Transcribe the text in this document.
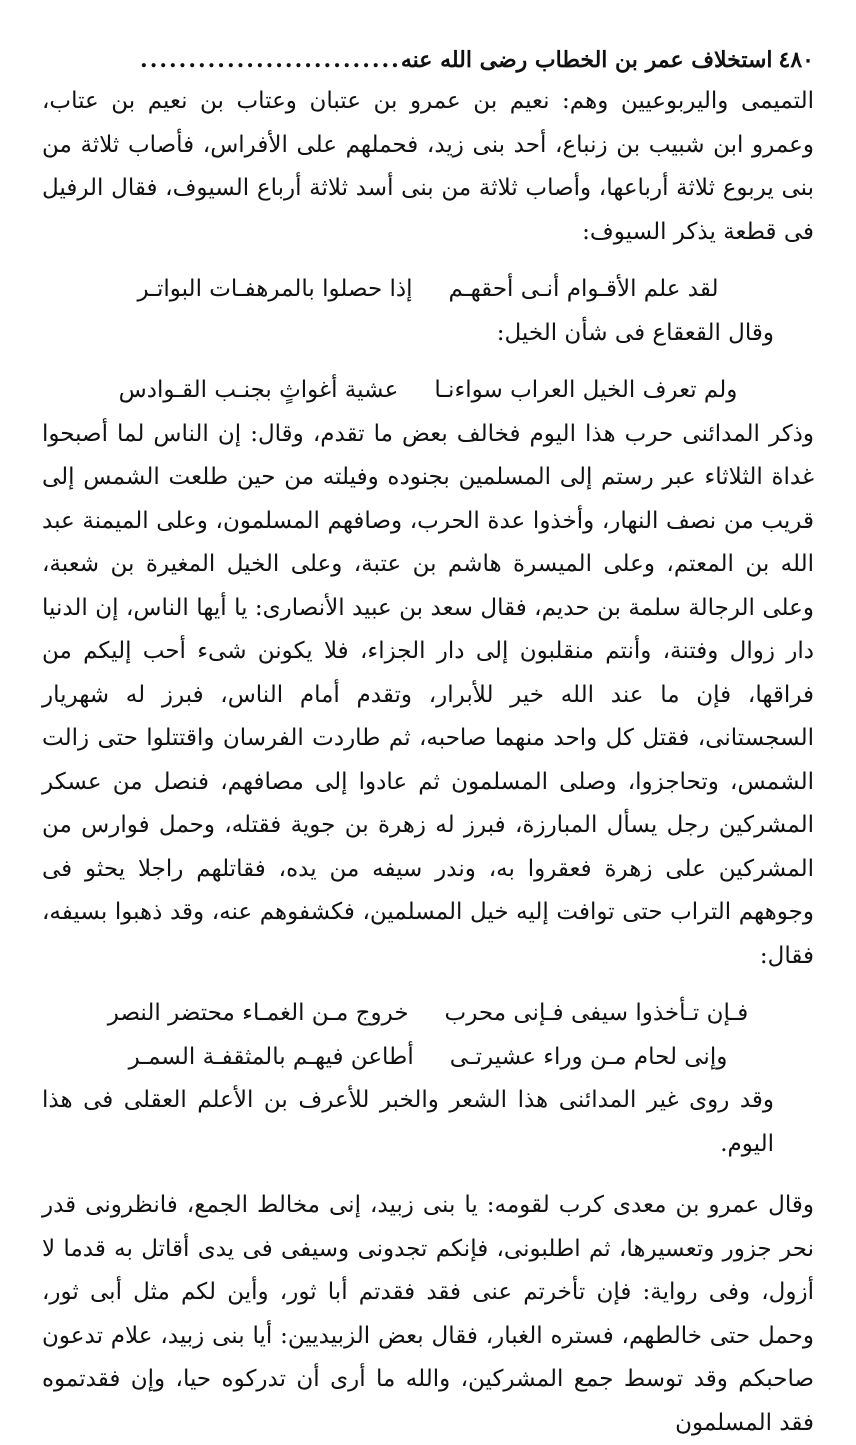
٤٨٠
استخلاف عمر بن الخطاب رضى الله عنه
...........................

التميمى واليربوعيين وهم: نعيم بن عمرو بن عتبان وعتاب بن نعيم بن عتاب، وعمرو ابن شبيب بن زنباع، أحد بنى زيد، فحملهم على الأفراس، فأصاب ثلاثة من بنى يربوع ثلاثة أرباعها، وأصاب ثلاثة من بنى أسد ثلاثة أرباع السيوف، فقال الرفيل فى قطعة يذكر السيوف:

لقد علم الأقـوام أنـى أحقهـم
إذا حصلوا بالمرهفـات البواتـر

وقال القعقاع فى شأن الخيل:

ولم تعرف الخيل العراب سواءنـا
عشية أغواثٍ بجنـب القـوادس

وذكر المدائنى حرب هذا اليوم فخالف بعض ما تقدم، وقال: إن الناس لما أصبحوا غداة الثلاثاء عبر رستم إلى المسلمين بجنوده وفيلته من حين طلعت الشمس إلى قريب من نصف النهار، وأخذوا عدة الحرب، وصافهم المسلمون، وعلى الميمنة عبد الله بن المعتم، وعلى الميسرة هاشم بن عتبة، وعلى الخيل المغيرة بن شعبة، وعلى الرجالة سلمة بن حديم، فقال سعد بن عبيد الأنصارى: يا أيها الناس، إن الدنيا دار زوال وفتنة، وأنتم منقلبون إلى دار الجزاء، فلا يكونن شىء أحب إليكم من فراقها، فإن ما عند الله خير للأبرار، وتقدم أمام الناس، فبرز له شهريار السجستانى، فقتل كل واحد منهما صاحبه، ثم طاردت الفرسان واقتتلوا حتى زالت الشمس، وتحاجزوا، وصلى المسلمون ثم عادوا إلى مصافهم، فنصل من عسكر المشركين رجل يسأل المبارزة، فبرز له زهرة بن جوية فقتله، وحمل فوارس من المشركين على زهرة فعقروا به، وندر سيفه من يده، فقاتلهم راجلا يحثو فى وجوههم التراب حتى توافت إليه خيل المسلمين، فكشفوهم عنه، وقد ذهبوا بسيفه، فقال:

فـإن تـأخذوا سيفى فـإنى محرب
خروج مـن الغمـاء محتضر النصر
وإنى لحام مـن وراء عشيرتـى
أطاعن فيهـم بالمثقفـة السمـر

وقد روى غير المدائنى هذا الشعر والخبر للأعرف بن الأعلم العقلى فى هذا اليوم.

وقال عمرو بن معدى كرب لقومه: يا بنى زبيد، إنى مخالط الجمع، فانظرونى قدر نحر جزور وتعسيرها، ثم اطلبونى، فإنكم تجدونى وسيفى فى يدى أقاتل به قدما لا أزول، وفى رواية: فإن تأخرتم عنى فقد فقدتم أبا ثور، وأين لكم مثل أبى ثور، وحمل حتى خالطهم، فستره الغبار، فقال بعض الزبيديين: أيا بنى زبيد، علام تدعون صاحبكم وقد توسط جمع المشركين، والله ما أرى أن تدركوه حيا، وإن فقدتموه فقد المسلمون
